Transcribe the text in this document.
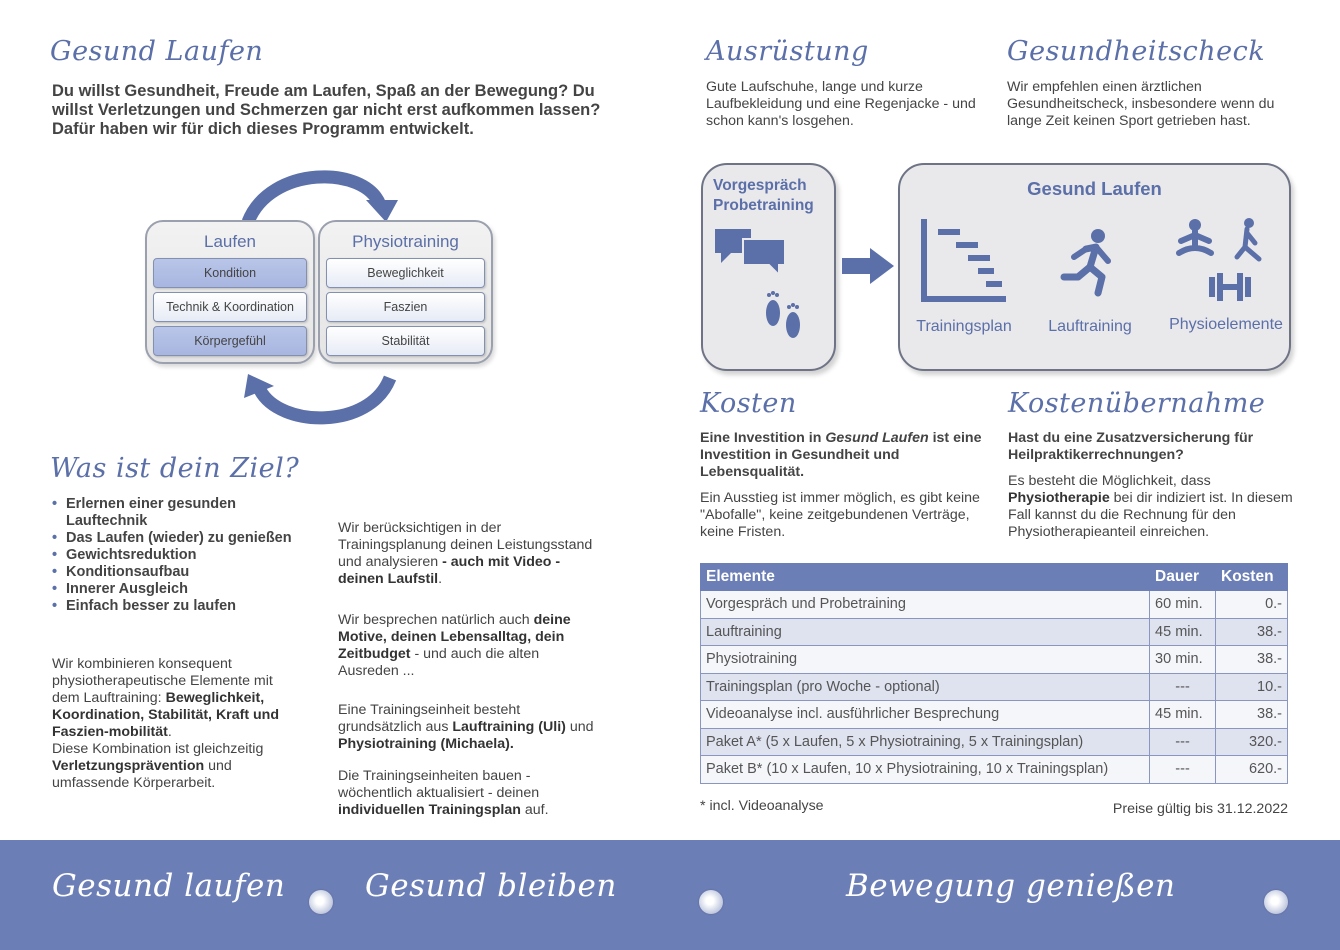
Gesund Laufen
Du willst Gesundheit, Freude am Laufen, Spaß an der Bewegung? Du willst Verletzungen und Schmerzen gar nicht erst aufkommen lassen? Dafür haben wir für dich dieses Programm entwickelt.
Laufen
Kondition
Technik & Koordination
Körpergefühl
Physiotraining
Beweglichkeit
Faszien
Stabilität
Was ist dein Ziel?
• Erlernen einer gesunden Lauftechnik
• Das Laufen (wieder) zu genießen
• Gewichtsreduktion
• Konditionsaufbau
• Innerer Ausgleich
• Einfach besser zu laufen
Wir kombinieren konsequent physiotherapeutische Elemente mit dem Lauftraining: Beweglichkeit, Koordination, Stabilität, Kraft und Faszien-mobilität.
Diese Kombination ist gleichzeitig Verletzungsprävention und umfassende Körperarbeit.
Wir berücksichtigen in der Trainingsplanung deinen Leistungsstand und analysieren - auch mit Video - deinen Laufstil.
Wir besprechen natürlich auch deine Motive, deinen Lebensalltag, dein Zeitbudget - und auch die alten Ausreden ...
Eine Trainingseinheit besteht grundsätzlich aus Lauftraining (Uli) und Physiotraining (Michaela).
Die Trainingseinheiten bauen - wöchentlich aktualisiert - deinen individuellen Trainingsplan auf.
Ausrüstung
Gute Laufschuhe, lange und kurze Laufbekleidung und eine Regenjacke - und schon kann's losgehen.
Gesundheitscheck
Wir empfehlen einen ärztlichen Gesundheitscheck, insbesondere wenn du lange Zeit keinen Sport getrieben hast.
Vorgespräch
Probetraining
Gesund Laufen
Trainingsplan	Lauftraining	Physioelemente
Kosten
Eine Investition in Gesund Laufen ist eine Investition in Gesundheit und Lebensqualität.
Ein Ausstieg ist immer möglich, es gibt keine "Abofalle", keine zeitgebundenen Verträge, keine Fristen.
Kostenübernahme
Hast du eine Zusatzversicherung für Heilpraktikerrechnungen?
Es besteht die Möglichkeit, dass Physiotherapie bei dir indiziert ist. In diesem Fall kannst du die Rechnung für den Physiotherapieanteil einreichen.
Elemente	Dauer	Kosten
Vorgespräch und Probetraining	60 min.	0.-
Lauftraining	45 min.	38.-
Physiotraining	30 min.	38.-
Trainingsplan (pro Woche - optional)	---	10.-
Videoanalyse incl. ausführlicher Besprechung	45 min.	38.-
Paket A* (5 x Laufen, 5 x Physiotraining, 5 x Trainingsplan)	---	320.-
Paket B* (10 x Laufen, 10 x Physiotraining, 10 x Trainingsplan)	---	620.-
* incl. Videoanalyse	Preise gültig bis 31.12.2022
Gesund laufen	Gesund bleiben	Bewegung genießen
